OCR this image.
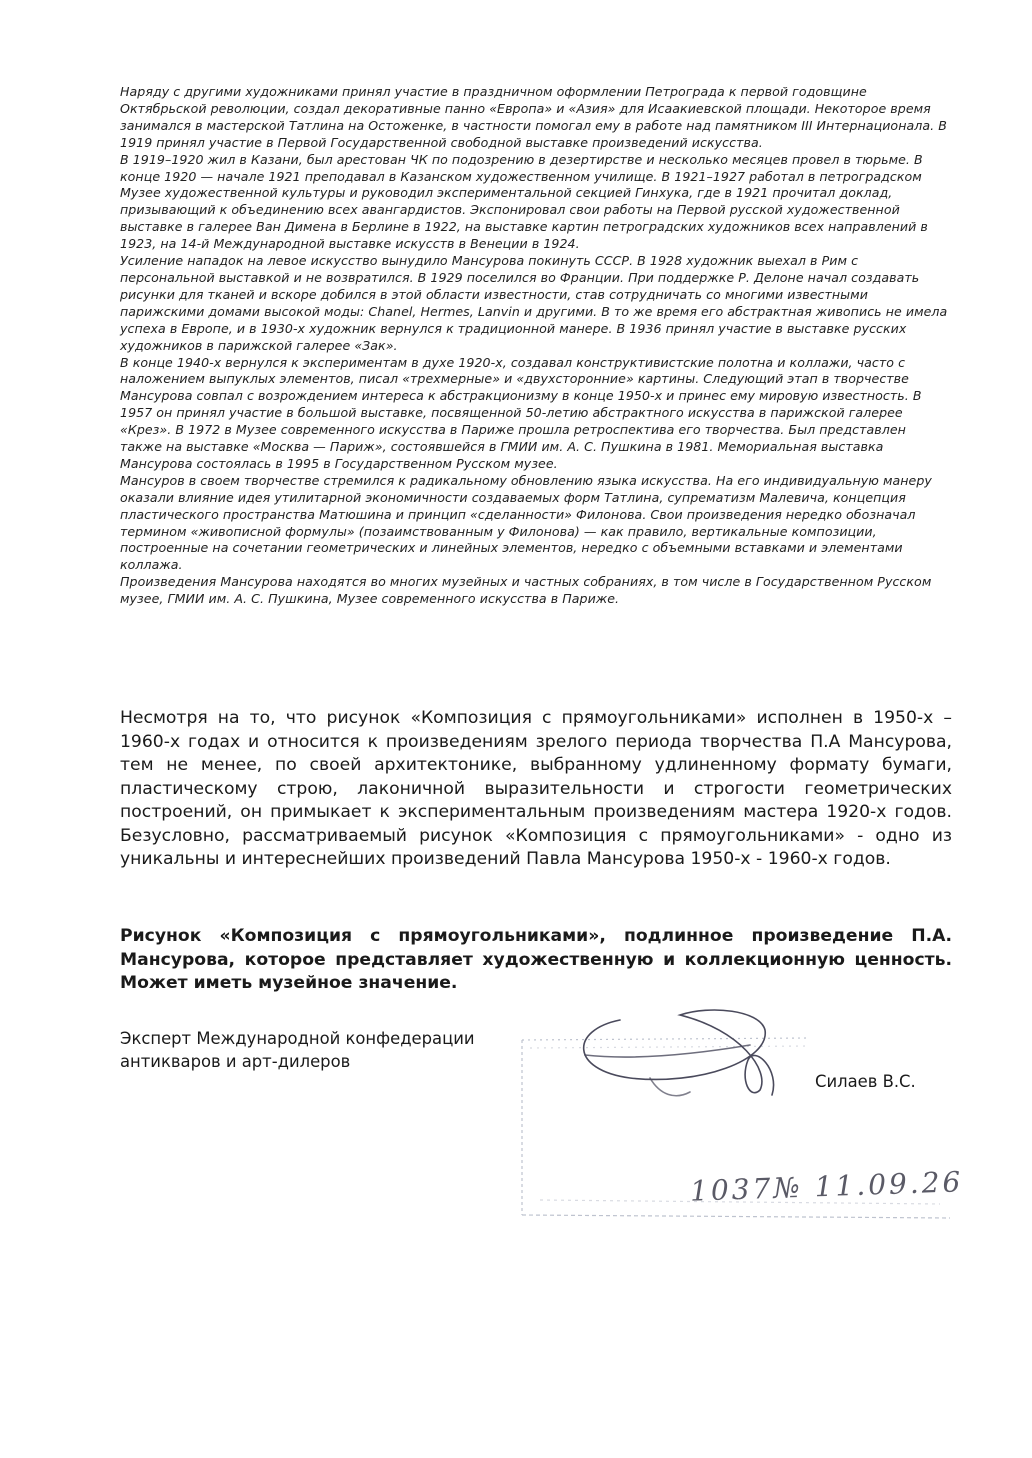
Наряду с другими художниками принял участие в праздничном оформлении Петрограда к первой годовщине Октябрьской революции, создал декоративные панно «Европа» и «Азия» для Исаакиевской площади. Некоторое время занимался в мастерской Татлина на Остоженке, в частности помогал ему в работе над памятником III Интернационала. В 1919 принял участие в Первой Государственной свободной выставке произведений искусства.

В 1919–1920 жил в Казани, был арестован ЧК по подозрению в дезертирстве и несколько месяцев провел в тюрьме. В конце 1920 — начале 1921 преподавал в Казанском художественном училище. В 1921–1927 работал в петроградском Музее художественной культуры и руководил экспериментальной секцией Гинхука, где в 1921 прочитал доклад, призывающий к объединению всех авангардистов. Экспонировал свои работы на Первой русской художественной выставке в галерее Ван Димена в Берлине в 1922, на выставке картин петроградских художников всех направлений в 1923, на 14-й Международной выставке искусств в Венеции в 1924.

Усиление нападок на левое искусство вынудило Мансурова покинуть СССР. В 1928 художник выехал в Рим с персональной выставкой и не возвратился. В 1929 поселился во Франции. При поддержке Р. Делоне начал создавать рисунки для тканей и вскоре добился в этой области известности, став сотрудничать со многими известными парижскими домами высокой моды: Chanel, Hermes, Lanvin и другими. В то же время его абстрактная живопись не имела успеха в Европе, и в 1930-х художник вернулся к традиционной манере. В 1936 принял участие в выставке русских художников в парижской галерее «Зак».

В конце 1940-х вернулся к экспериментам в духе 1920-х, создавал конструктивистские полотна и коллажи, часто с наложением выпуклых элементов, писал «трехмерные» и «двухсторонние» картины. Следующий этап в творчестве Мансурова совпал с возрождением интереса к абстракционизму в конце 1950-х и принес ему мировую известность. В 1957 он принял участие в большой выставке, посвященной 50-летию абстрактного искусства в парижской галерее «Крез». В 1972 в Музее современного искусства в Париже прошла ретроспектива его творчества. Был представлен также на выставке «Москва — Париж», состоявшейся в ГМИИ им. А. С. Пушкина в 1981. Мемориальная выставка Мансурова состоялась в 1995 в Государственном Русском музее.

Мансуров в своем творчестве стремился к радикальному обновлению языка искусства. На его индивидуальную манеру оказали влияние идея утилитарной экономичности создаваемых форм Татлина, супрематизм Малевича, концепция пластического пространства Матюшина и принцип «сделанности» Филонова. Свои произведения нередко обозначал термином «живописной формулы» (позаимствованным у Филонова) — как правило, вертикальные композиции, построенные на сочетании геометрических и линейных элементов, нередко с объемными вставками и элементами коллажа.

Произведения Мансурова находятся во многих музейных и частных собраниях, в том числе в Государственном Русском музее, ГМИИ им. А. С. Пушкина, Музее современного искусства в Париже.

Несмотря на то, что рисунок «Композиция с прямоугольниками» исполнен в 1950-х – 1960-х годах и относится к произведениям зрелого периода творчества П.А Мансурова, тем не менее, по своей архитектонике, выбранному удлиненному формату бумаги, пластическому строю, лаконичной выразительности и строгости геометрических построений, он примыкает к экспериментальным произведениям мастера 1920-х годов. Безусловно, рассматриваемый рисунок «Композиция с прямоугольниками» - одно из уникальны и интереснейших произведений Павла Мансурова 1950-х - 1960-х годов.

Рисунок «Композиция с прямоугольниками», подлинное произведение П.А. Мансурова, которое представляет художественную и коллекционную ценность. Может иметь музейное значение.

Эксперт Международной конфедерации
антикваров и арт-дилеров
Силаев В.С.
1037№ 11.09.26
